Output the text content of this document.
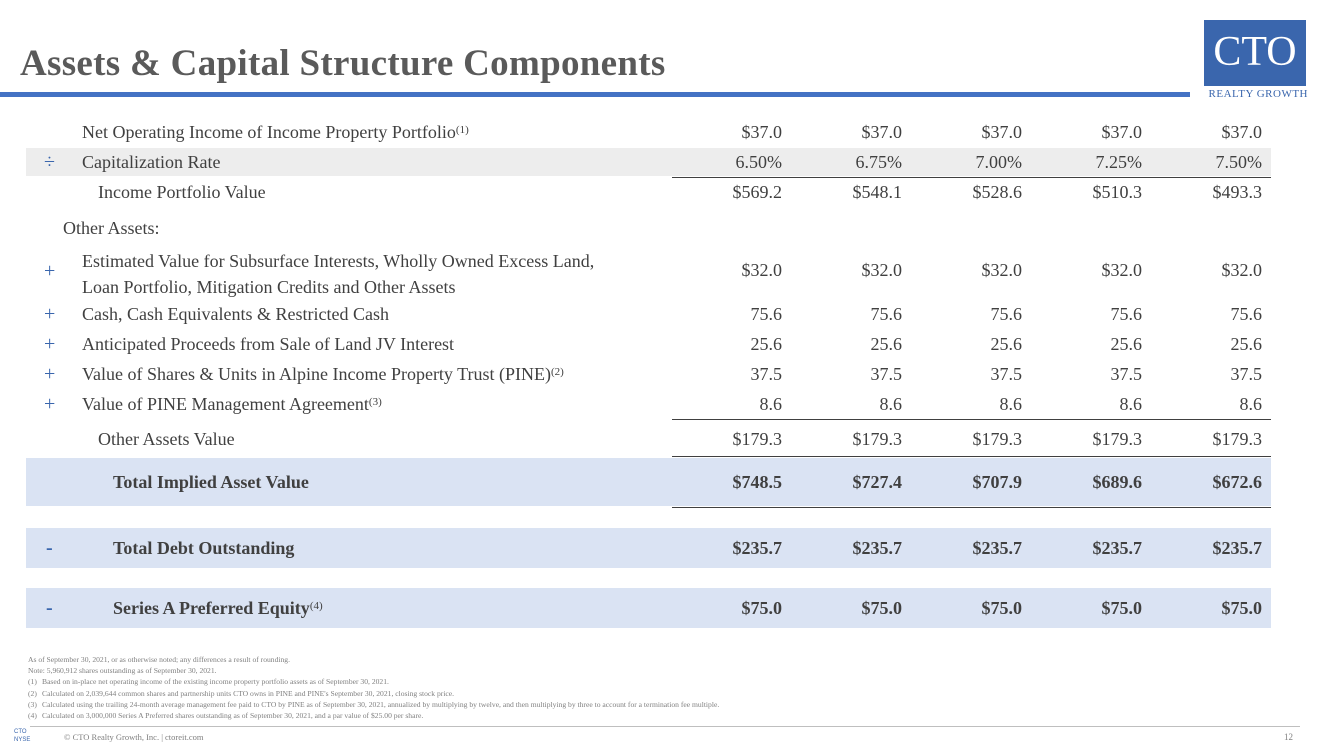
Assets & Capital Structure Components	CTO
REALTY GROWTH
Net Operating Income of Income Property Portfolio$^{(1)}$	$37.0	$37.0	$37.0	$37.0	$37.0
÷ Capitalization Rate	6.50%	6.75%	7.00%	7.25%	7.50%
Income Portfolio Value	$569.2	$548.1	$528.6	$510.3	$493.3
Other Assets:
+ Estimated Value for Subsurface Interests, Wholly Owned Excess Land,
Loan Portfolio, Mitigation Credits and Other Assets
$32.0	$32.0	$32.0	$32.0	$32.0
+ Cash, Cash Equivalents & Restricted Cash	75.6	75.6	75.6	75.6	75.6
+ Anticipated Proceeds from Sale of Land JV Interest	25.6	25.6	25.6	25.6	25.6
+ Value of Shares & Units in Alpine Income Property Trust (PINE)$^{(2)}$	37.5	37.5	37.5	37.5	37.5
+ Value of PINE Management Agreement$^{(3)}$	8.6	8.6	8.6	8.6	8.6
Other Assets Value	$179.3	$179.3	$179.3	$179.3	$179.3
Total Implied Asset Value	$748.5	$727.4	$707.9	$689.6	$672.6
-	Total Debt Outstanding	$235.7	$235.7	$235.7	$235.7	$235.7
-	Series A Preferred Equity$^{(4)}$	$75.0	$75.0	$75.0	$75.0	$75.0
As of September 30, 2021, or as otherwise noted; any differences a result of rounding.
Note: 5,960,912 shares outstanding as of September 30, 2021.
(1) Based on in-place net operating income of the existing income property portfolio assets as of September 30, 2021.
(2) Calculated on 2,039,644 common shares and partnership units CTO owns in PINE and PINE's September 30, 2021, closing stock price.
(3) Calculated using the trailing 24-month average management fee paid to CTO by PINE as of September 30, 2021, annualized by multiplying by twelve, and then multiplying by three to account for a termination fee multiple.
(4) Calculated on 3,000,000 Series A Preferred shares outstanding as of September 30, 2021, and a par value of $25.00 per share.
CTO
NYSE	© CTO Realty Growth, Inc. | ctoreit.com	12
